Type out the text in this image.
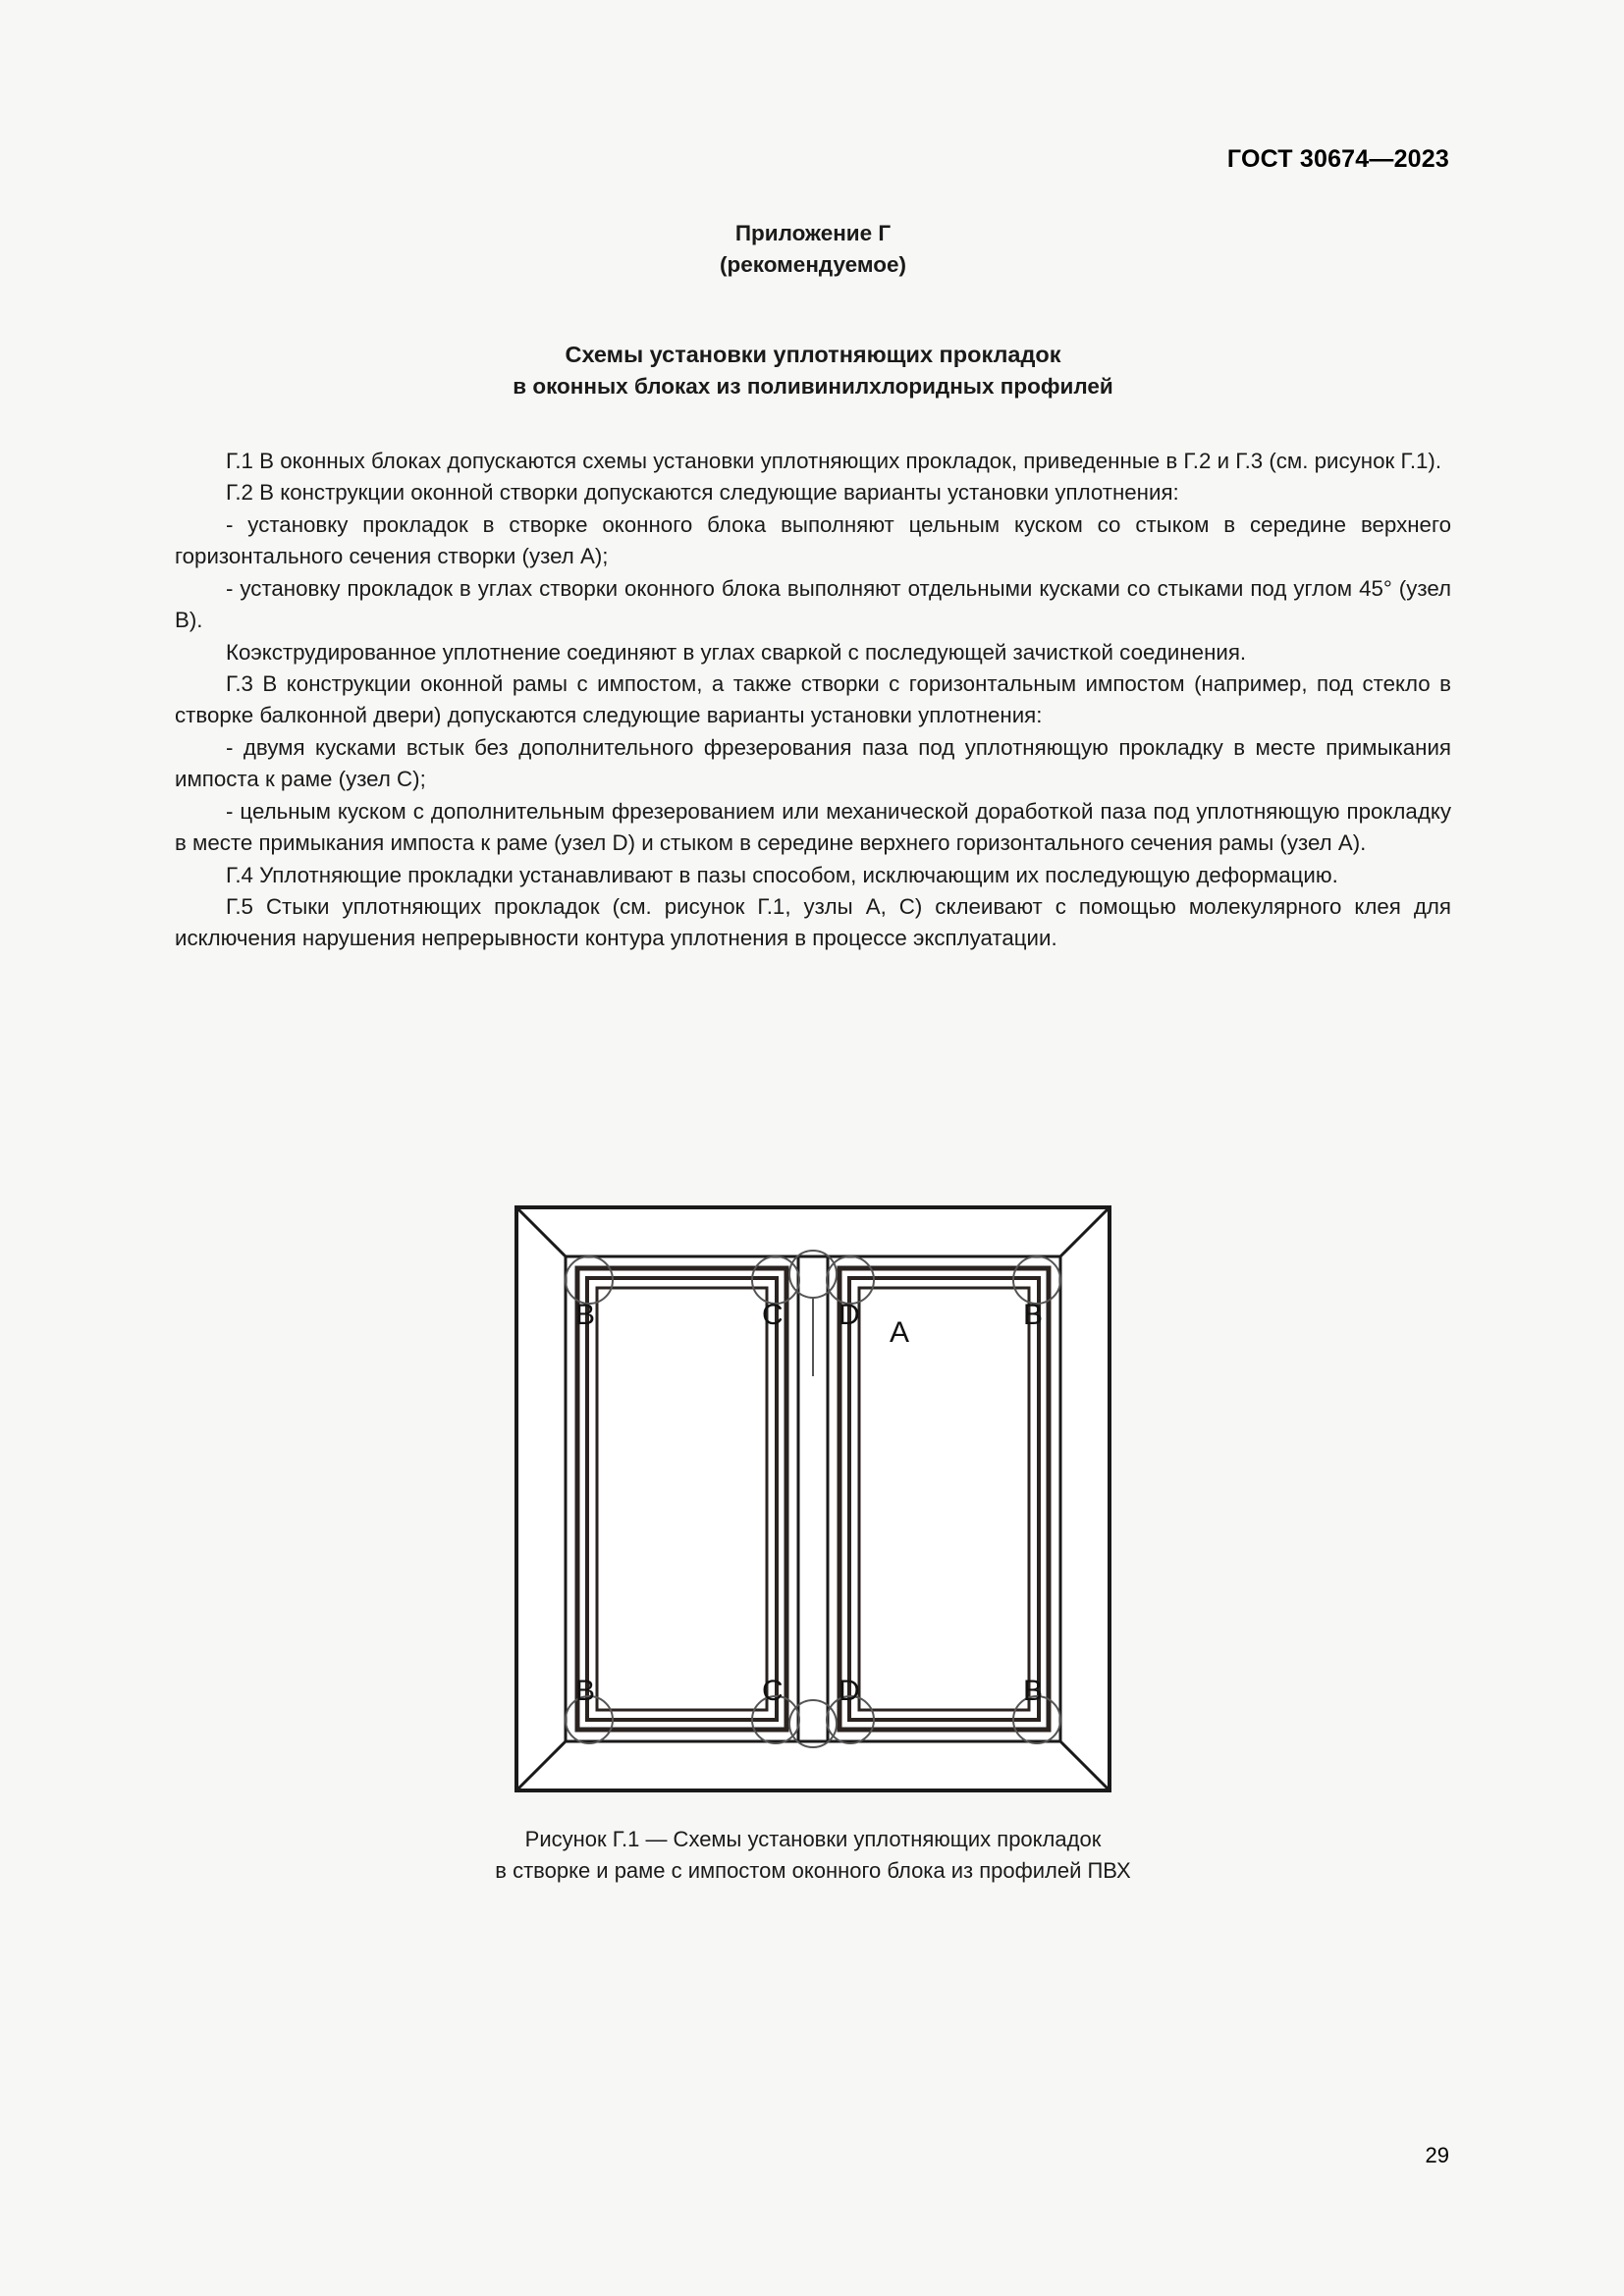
ГОСТ 30674—2023
Приложение Г
(рекомендуемое)
Схемы установки уплотняющих прокладок
в оконных блоках из поливинилхлоридных профилей

Г.1 В оконных блоках допускаются схемы установки уплотняющих прокладок, приведенные в Г.2 и Г.3 (см. рисунок Г.1).

Г.2 В конструкции оконной створки допускаются следующие варианты установки уплотнения:

- установку прокладок в створке оконного блока выполняют цельным куском со стыком в середине верхнего горизонтального сечения створки (узел А);

- установку прокладок в углах створки оконного блока выполняют отдельными кусками со стыками под углом 45° (узел В).

Коэкструдированное уплотнение соединяют в углах сваркой с последующей зачисткой соединения.

Г.3 В конструкции оконной рамы с импостом, а также створки с горизонтальным импостом (например, под стекло в створке балконной двери) допускаются следующие варианты установки уплотнения:

- двумя кусками встык без дополнительного фрезерования паза под уплотняющую прокладку в месте примыкания импоста к раме (узел С);

- цельным куском с дополнительным фрезерованием или механической доработкой паза под уплотняющую прокладку в месте примыкания импоста к раме (узел D) и стыком в середине верхнего горизонтального сечения рамы (узел А).

Г.4 Уплотняющие прокладки устанавливают в пазы способом, исключающим их последующую деформацию.

Г.5 Стыки уплотняющих прокладок (см. рисунок Г.1, узлы А, С) склеивают с помощью молекулярного клея для исключения нарушения непрерывности контура уплотнения в процессе эксплуатации.

B	C D
A
B
B	C D	B
Рисунок Г.1 — Схемы установки уплотняющих прокладок
в створке и раме с импостом оконного блока из профилей ПВХ
29
